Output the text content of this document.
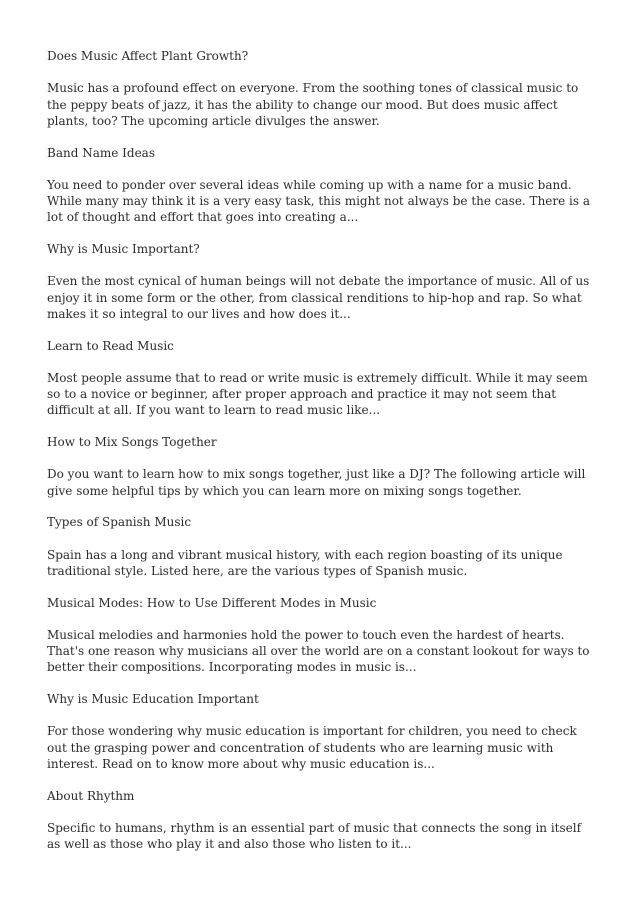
Does Music Affect Plant Growth?

Music has a profound effect on everyone. From the soothing tones of classical music to the peppy beats of jazz, it has the ability to change our mood. But does music affect plants, too? The upcoming article divulges the answer.

Band Name Ideas

You need to ponder over several ideas while coming up with a name for a music band. While many may think it is a very easy task, this might not always be the case. There is a lot of thought and effort that goes into creating a...

Why is Music Important?

Even the most cynical of human beings will not debate the importance of music. All of us enjoy it in some form or the other, from classical renditions to hip-hop and rap. So what makes it so integral to our lives and how does it...

Learn to Read Music

Most people assume that to read or write music is extremely difficult. While it may seem so to a novice or beginner, after proper approach and practice it may not seem that difficult at all. If you want to learn to read music like...

How to Mix Songs Together

Do you want to learn how to mix songs together, just like a DJ? The following article will give some helpful tips by which you can learn more on mixing songs together.

Types of Spanish Music

Spain has a long and vibrant musical history, with each region boasting of its unique traditional style. Listed here, are the various types of Spanish music.

Musical Modes: How to Use Different Modes in Music

Musical melodies and harmonies hold the power to touch even the hardest of hearts. That's one reason why musicians all over the world are on a constant lookout for ways to better their compositions. Incorporating modes in music is...

Why is Music Education Important

For those wondering why music education is important for children, you need to check out the grasping power and concentration of students who are learning music with interest. Read on to know more about why music education is...

About Rhythm

Specific to humans, rhythm is an essential part of music that connects the song in itself as well as those who play it and also those who listen to it...
